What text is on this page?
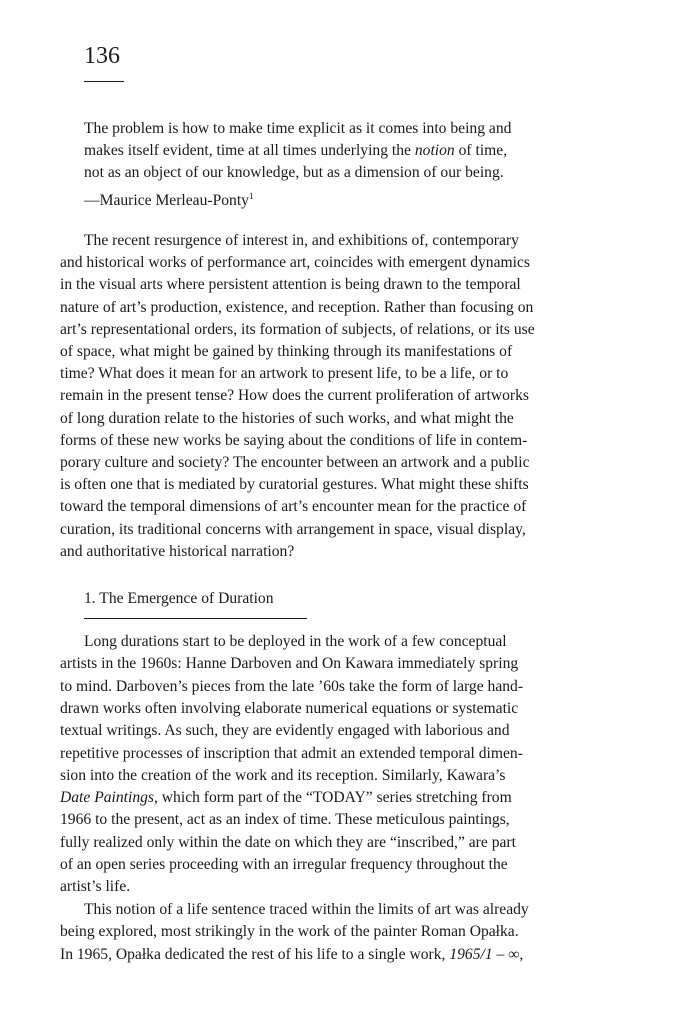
136
The problem is how to make time explicit as it comes into being and
makes itself evident, time at all times underlying the notion of time,
not as an object of our knowledge, but as a dimension of our being.
—Maurice Merleau-Ponty$^1$
The recent resurgence of interest in, and exhibitions of, contemporary
and historical works of performance art, coincides with emergent dynamics
in the visual arts where persistent attention is being drawn to the temporal
nature of art’s production, existence, and reception. Rather than focusing on
art’s representational orders, its formation of subjects, of relations, or its use
of space, what might be gained by thinking through its manifestations of
time? What does it mean for an artwork to present life, to be a life, or to
remain in the present tense? How does the current proliferation of artworks
of long duration relate to the histories of such works, and what might the
forms of these new works be saying about the conditions of life in contem-
porary culture and society? The encounter between an artwork and a public
is often one that is mediated by curatorial gestures. What might these shifts
toward the temporal dimensions of art’s encounter mean for the practice of
curation, its traditional concerns with arrangement in space, visual display,
and authoritative historical narration?
1. The Emergence of Duration
Long durations start to be deployed in the work of a few conceptual
artists in the 1960s: Hanne Darboven and On Kawara immediately spring
to mind. Darboven’s pieces from the late ’60s take the form of large hand-
drawn works often involving elaborate numerical equations or systematic
textual writings. As such, they are evidently engaged with laborious and
repetitive processes of inscription that admit an extended temporal dimen-
sion into the creation of the work and its reception. Similarly, Kawara’s
Date Paintings, which form part of the “TODAY” series stretching from
1966 to the present, act as an index of time. These meticulous paintings,
fully realized only within the date on which they are “inscribed,” are part
of an open series proceeding with an irregular frequency throughout the
artist’s life.
This notion of a life sentence traced within the limits of art was already
being explored, most strikingly in the work of the painter Roman Opałka.
In 1965, Opałka dedicated the rest of his life to a single work, 1965/1 – ∞,
